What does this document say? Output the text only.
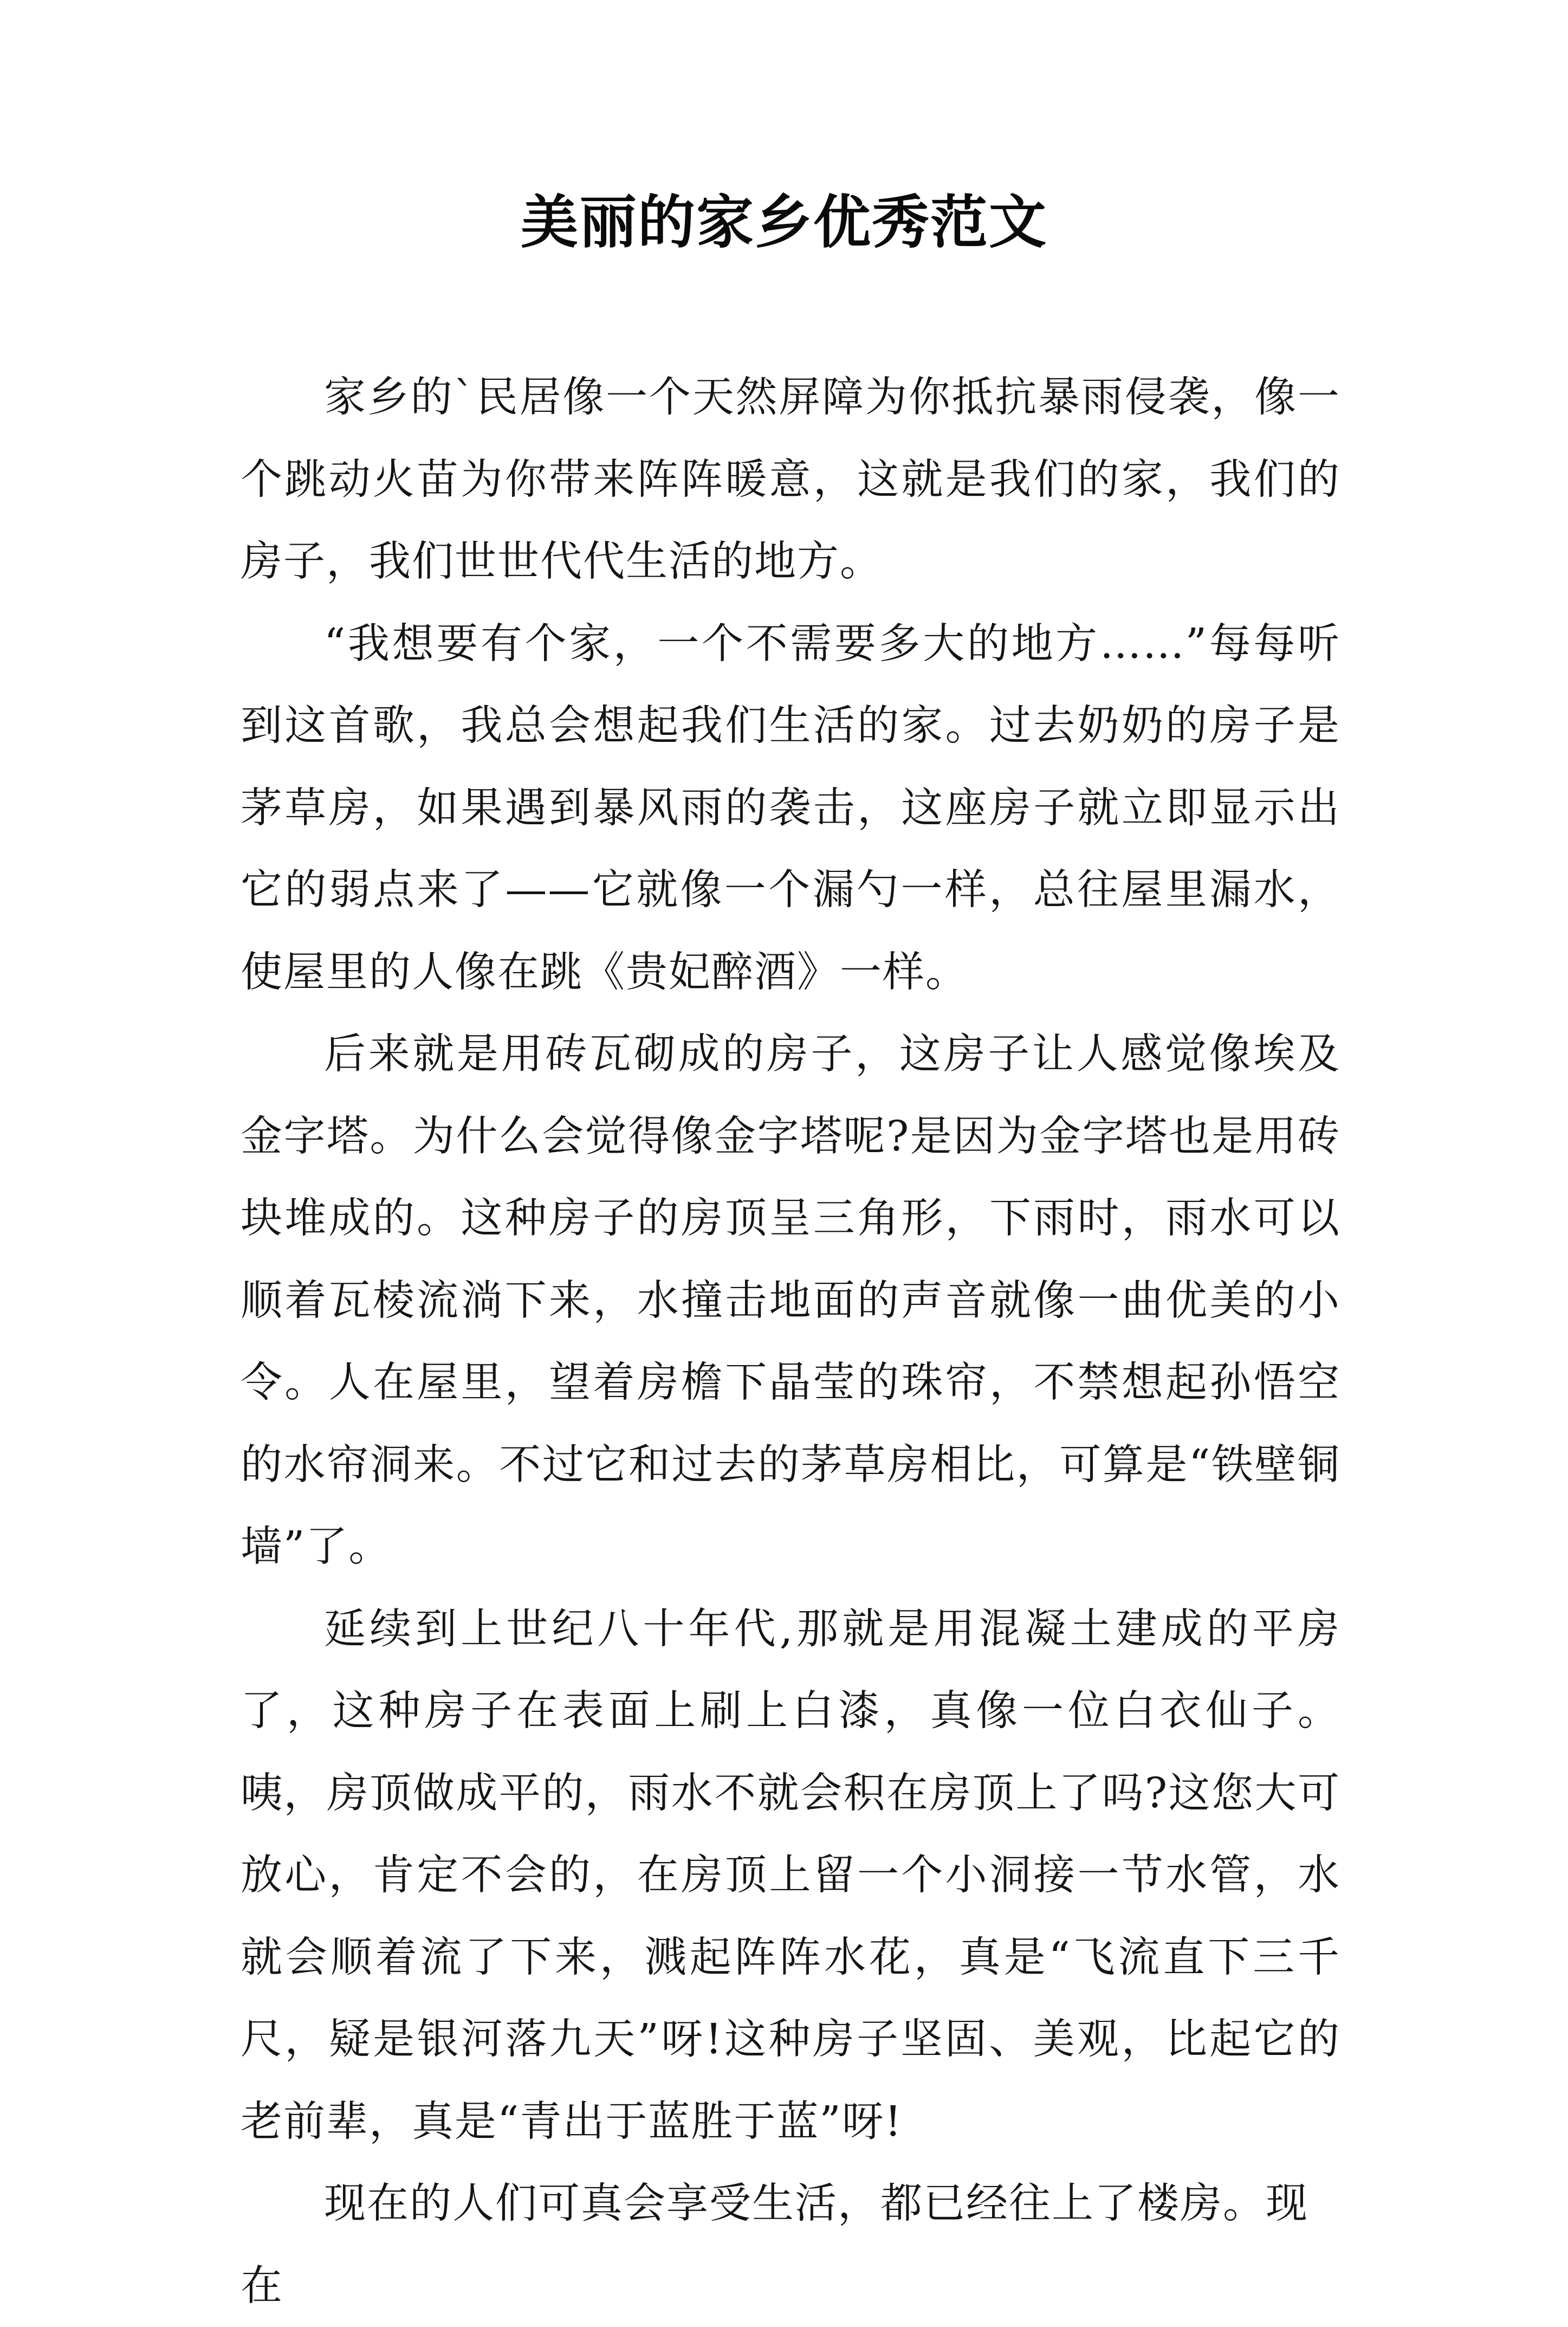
美丽的家乡优秀范文

家乡的`民居像一个天然屏障为你抵抗暴雨侵袭，像一个跳动火苗为你带来阵阵暖意，这就是我们的家，我们的房子，我们世世代代生活的地方。

“我想要有个家，一个不需要多大的地方……”每每听到这首歌，我总会想起我们生活的家。过去奶奶的房子是茅草房，如果遇到暴风雨的袭击，这座房子就立即显示出它的弱点来了——它就像一个漏勺一样，总往屋里漏水，使屋里的人像在跳《贵妃醉酒》一样。

后来就是用砖瓦砌成的房子，这房子让人感觉像埃及金字塔。为什么会觉得像金字塔呢?是因为金字塔也是用砖块堆成的。这种房子的房顶呈三角形，下雨时，雨水可以顺着瓦棱流淌下来，水撞击地面的声音就像一曲优美的小令。人在屋里，望着房檐下晶莹的珠帘，不禁想起孙悟空的水帘洞来。不过它和过去的茅草房相比，可算是“铁壁铜墙”了。

延续到上世纪八十年代,那就是用混凝土建成的平房了，这种房子在表面上刷上白漆，真像一位白衣仙子。咦，房顶做成平的，雨水不就会积在房顶上了吗?这您大可放心，肯定不会的，在房顶上留一个小洞接一节水管，水就会顺着流了下来，溅起阵阵水花，真是“飞流直下三千尺，疑是银河落九天”呀!这种房子坚固、美观，比起它的老前辈，真是“青出于蓝胜于蓝”呀!

现在的人们可真会享受生活，都已经往上了楼房。现在
